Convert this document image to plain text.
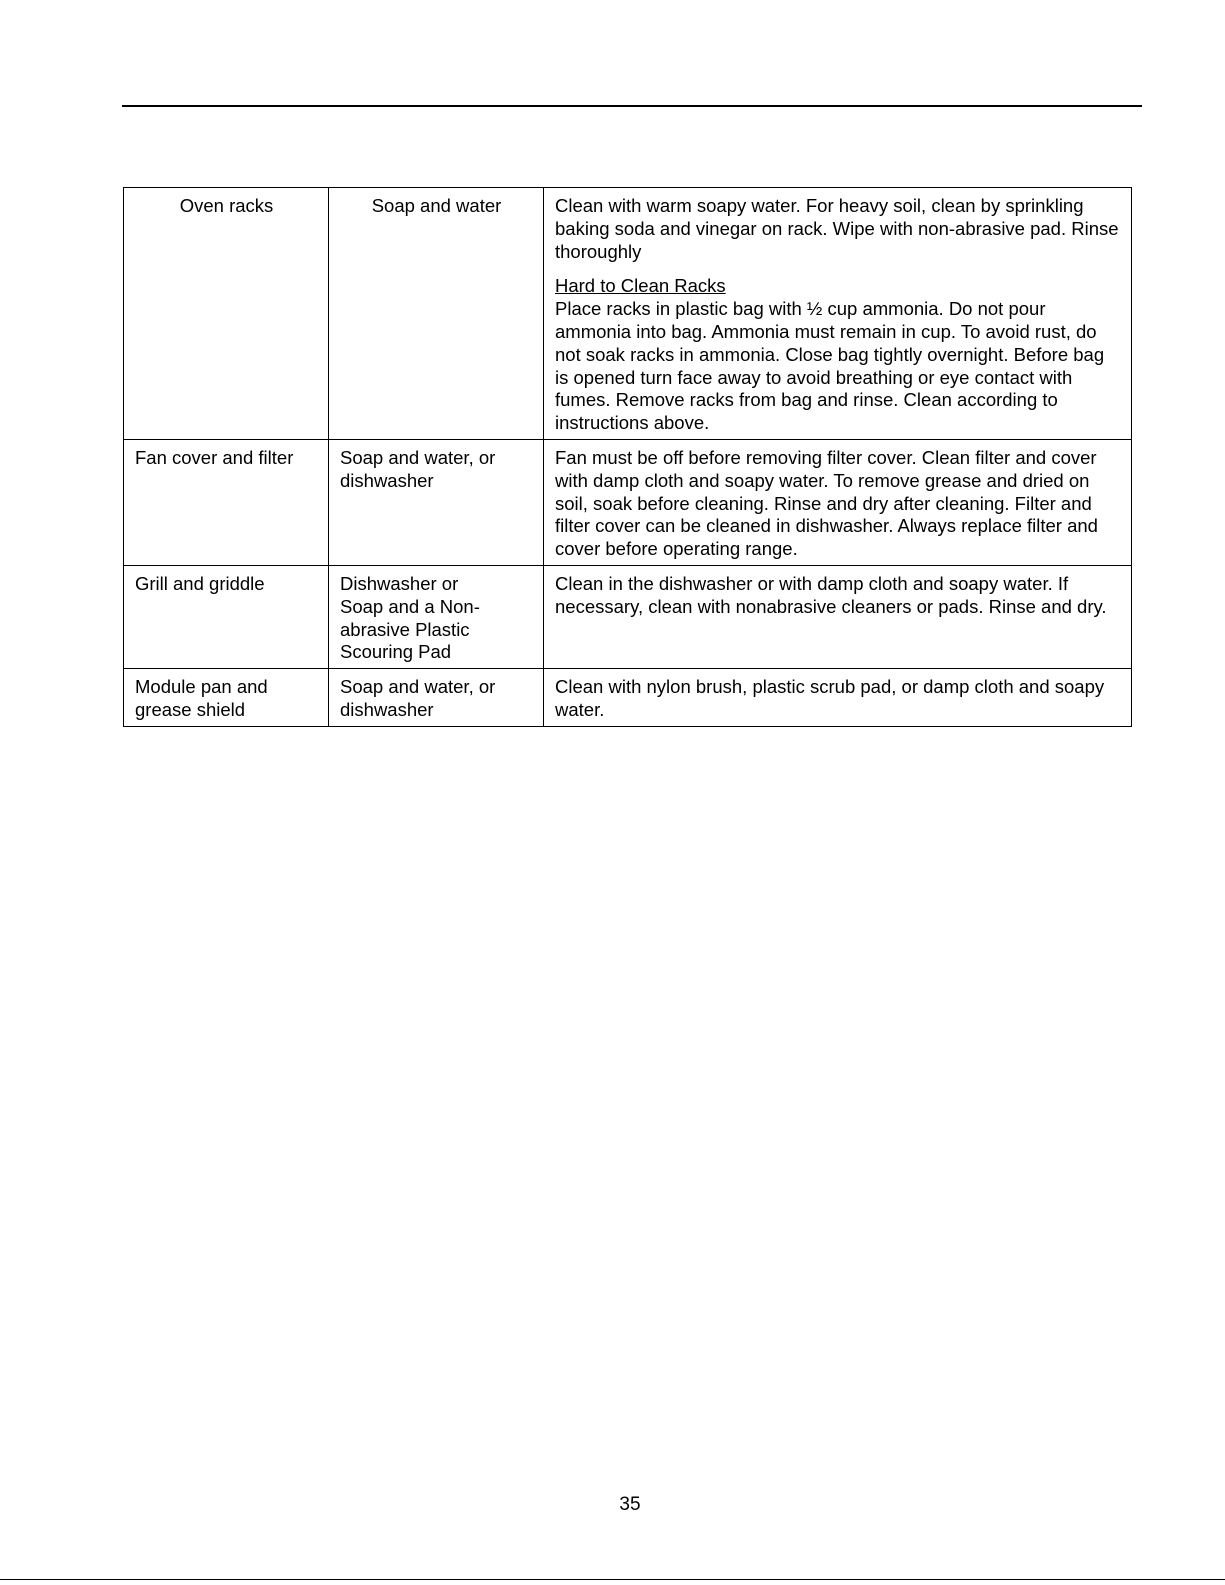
Oven racks	Soap and water	Clean with warm soapy water. For heavy soil, clean by sprinkling baking soda and vinegar on rack. Wipe with non-abrasive pad. Rinse thoroughly

Hard to Clean Racks

Place racks in plastic bag with ½ cup ammonia. Do not pour ammonia into bag. Ammonia must remain in cup. To avoid rust, do not soak racks in ammonia. Close bag tightly overnight. Before bag is opened turn face away to avoid breathing or eye contact with fumes. Remove racks from bag and rinse. Clean according to instructions above.

Fan cover and filter	Soap and water, or dishwasher	Fan must be off before removing filter cover. Clean filter and cover with damp cloth and soapy water. To remove grease and dried on soil, soak before cleaning. Rinse and dry after cleaning. Filter and filter cover can be cleaned in dishwasher. Always replace filter and cover before operating range.
Grill and griddle	Dishwasher or
Soap and a Non-
abrasive Plastic
Scouring Pad	Clean in the dishwasher or with damp cloth and soapy water. If necessary, clean with nonabrasive cleaners or pads. Rinse and dry.
Module pan and grease shield	Soap and water, or dishwasher	Clean with nylon brush, plastic scrub pad, or damp cloth and soapy water.
35
